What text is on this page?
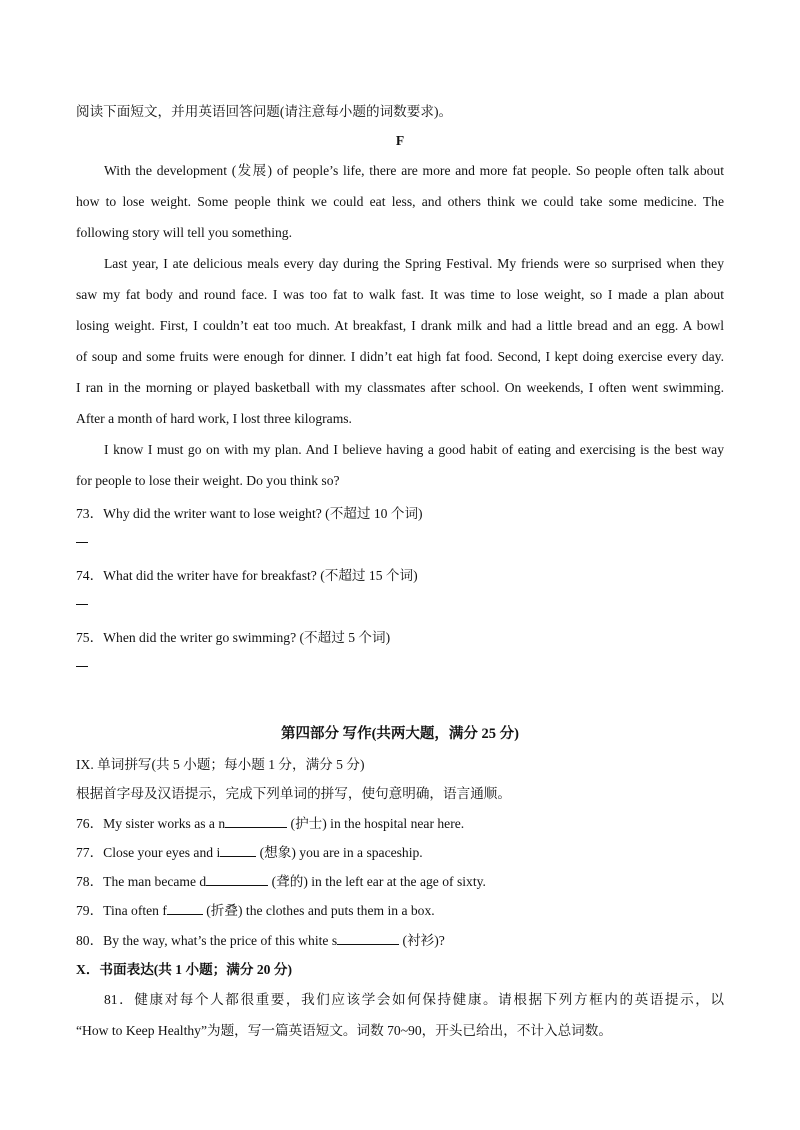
阅读下面短文，并用英语回答问题(请注意每小题的词数要求)。
F
With the development (发展) of people’s life, there are more and more fat people. So people often talk about
how to lose weight. Some people think we could eat less, and others think we could take some medicine. The
following story will tell you something.
Last year, I ate delicious meals every day during the Spring Festival. My friends were so surprised when they
saw my fat body and round face. I was too fat to walk fast. It was time to lose weight, so I made a plan about
losing weight. First, I couldn’t eat too much. At breakfast, I drank milk and had a little bread and an egg. A bowl
of soup and some fruits were enough for dinner. I didn’t eat high fat food. Second, I kept doing exercise every day.
I ran in the morning or played basketball with my classmates after school. On weekends, I often went swimming.
After a month of hard work, I lost three kilograms.
I know I must go on with my plan. And I believe having a good habit of eating and exercising is the best way
for people to lose their weight. Do you think so?
73．Why did the writer want to lose weight? (不超过 10 个词)
74．What did the writer have for breakfast? (不超过 15 个词)
75．When did the writer go swimming? (不超过 5 个词)
第四部分 写作(共两大题，满分 25 分)
IX. 单词拼写(共 5 小题；每小题 1 分，满分 5 分)
根据首字母及汉语提示，完成下列单词的拼写，使句意明确，语言通顺。
76．My sister works as a n	(护士) in the hospital near here.
77．Close your eyes and i	(想象) you are in a spaceship.
78．The man became d	(聋的) in the left ear at the age of sixty.
79．Tina often f	(折叠) the clothes and puts them in a box.
80．By the way, what’s the price of this white s	(衬衫)?
X．书面表达(共 1 小题；满分 20 分)
81．健康对每个人都很重要，我们应该学会如何保持健康。请根据下列方框内的英语提示，以
“How to Keep Healthy”为题，写一篇英语短文。词数 70~90，开头已给出，不计入总词数。
